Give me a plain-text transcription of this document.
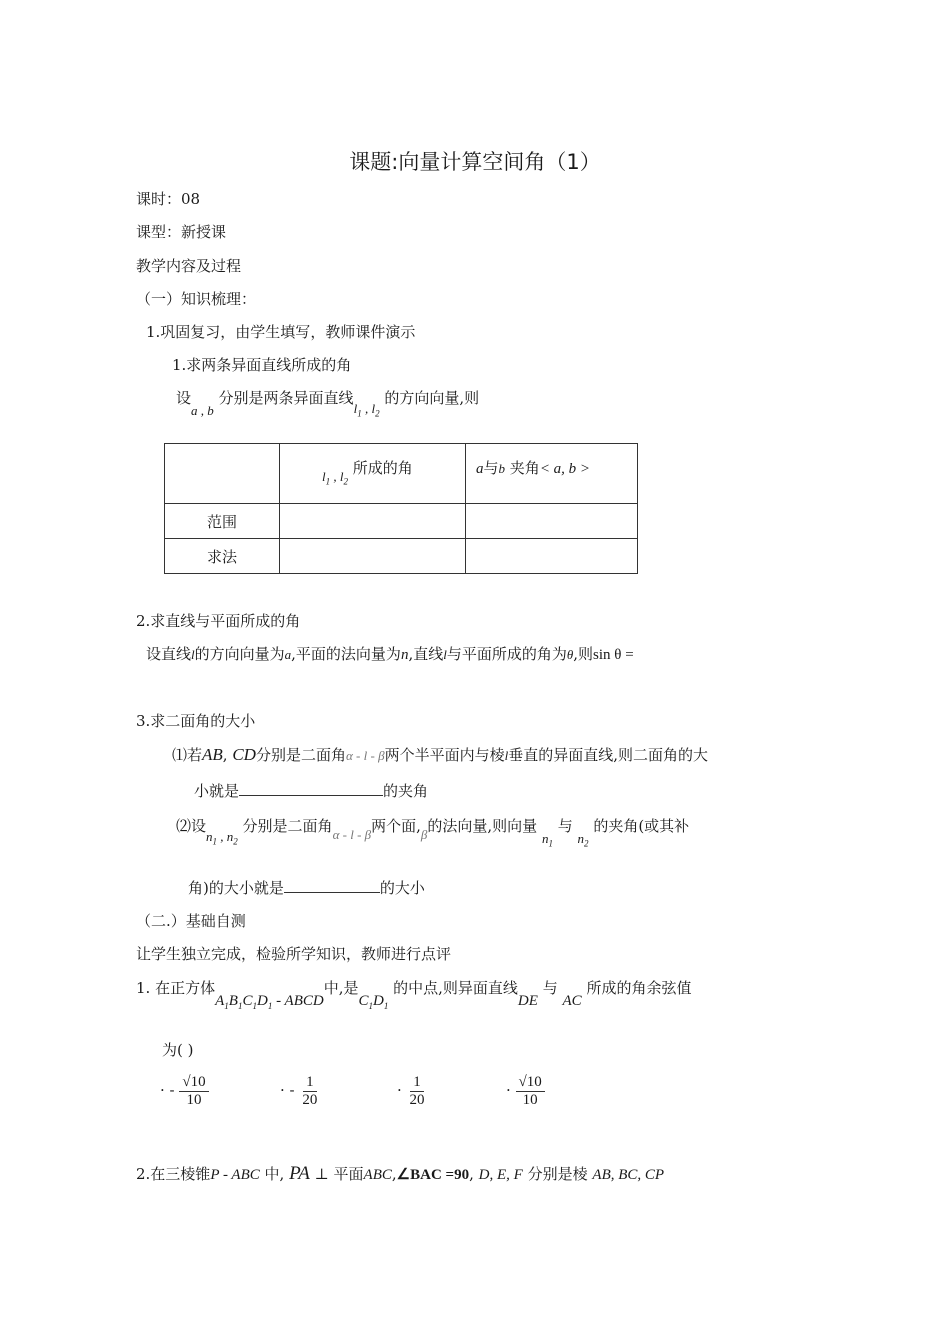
课题:向量计算空间角（1）
课时：08
课型：新授课
教学内容及过程
（一）知识梳理：
1.巩固复习，由学生填写，教师课件演示
1.求两条异面直线所成的角
设a , b 分别是两条异面直线$l_1$ , $l_2$ 的方向向量,则

	$l_1$ , $l_2$ 所成的角	a与b 夹角< a, b >

范围		
求法		
2.求直线与平面所成的角
设直线l的方向向量为a,平面的法向量为n,直线l与平面所成的角为θ,则sin θ =
3.求二面角的大小
⑴若AB, CD分别是二面角α - l - β两个半平面内与棱l垂直的异面直线,则二面角的大
小就是	的夹角
⑵设$n_1$ , $n_2$ 分别是二面角α - l - β两个面,β的法向量,则向量 $n_1$ 与 $n_2$ 的夹角(或其补
角)的大小就是	的大小
（二.）基础自测
让学生独立完成，检验所学知识，教师进行点评
1. 在正方体$A_1B_1C_1D_1$ - ABCD中,是$C_1D_1$ 的中点,则异面直线DE 与 AC 所成的角余弦值
为( )
· - $\frac{√10}{10}$	· - $\frac{1}{20}$	· $\frac{1}{20}$	· $\frac{√10}{10}$
2.在三棱锥P - ABC 中, PA ⊥ 平面ABC,∠BAC =90, D, E, F 分别是棱 AB, BC, CP
